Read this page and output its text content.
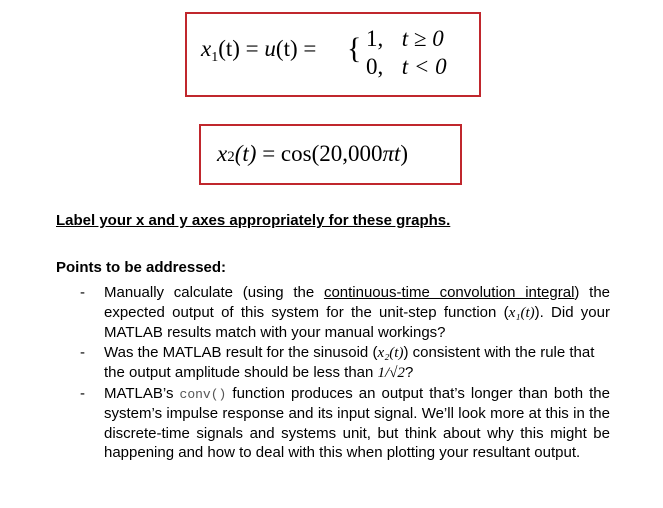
$x_1(t) = u(t)$ = { 1, t ≥ 0
0, t < 0
x2(t) = cos(20,000πt)
Label your x and y axes appropriately for these graphs.
Points to be addressed:
- Manually calculate (using the continuous-time convolution integral) the expected output of this system for the unit-step function (x₁(t)). Did your MATLAB results match with your manual workings?
- Was the MATLAB result for the sinusoid (x₂(t)) consistent with the rule that the output amplitude should be less than 1/√2?
- MATLAB’s conv() function produces an output that’s longer than both the system’s impulse response and its input signal. We’ll look more at this in the discrete-time signals and systems unit, but think about why this might be happening and how to deal with this when plotting your resultant output.
